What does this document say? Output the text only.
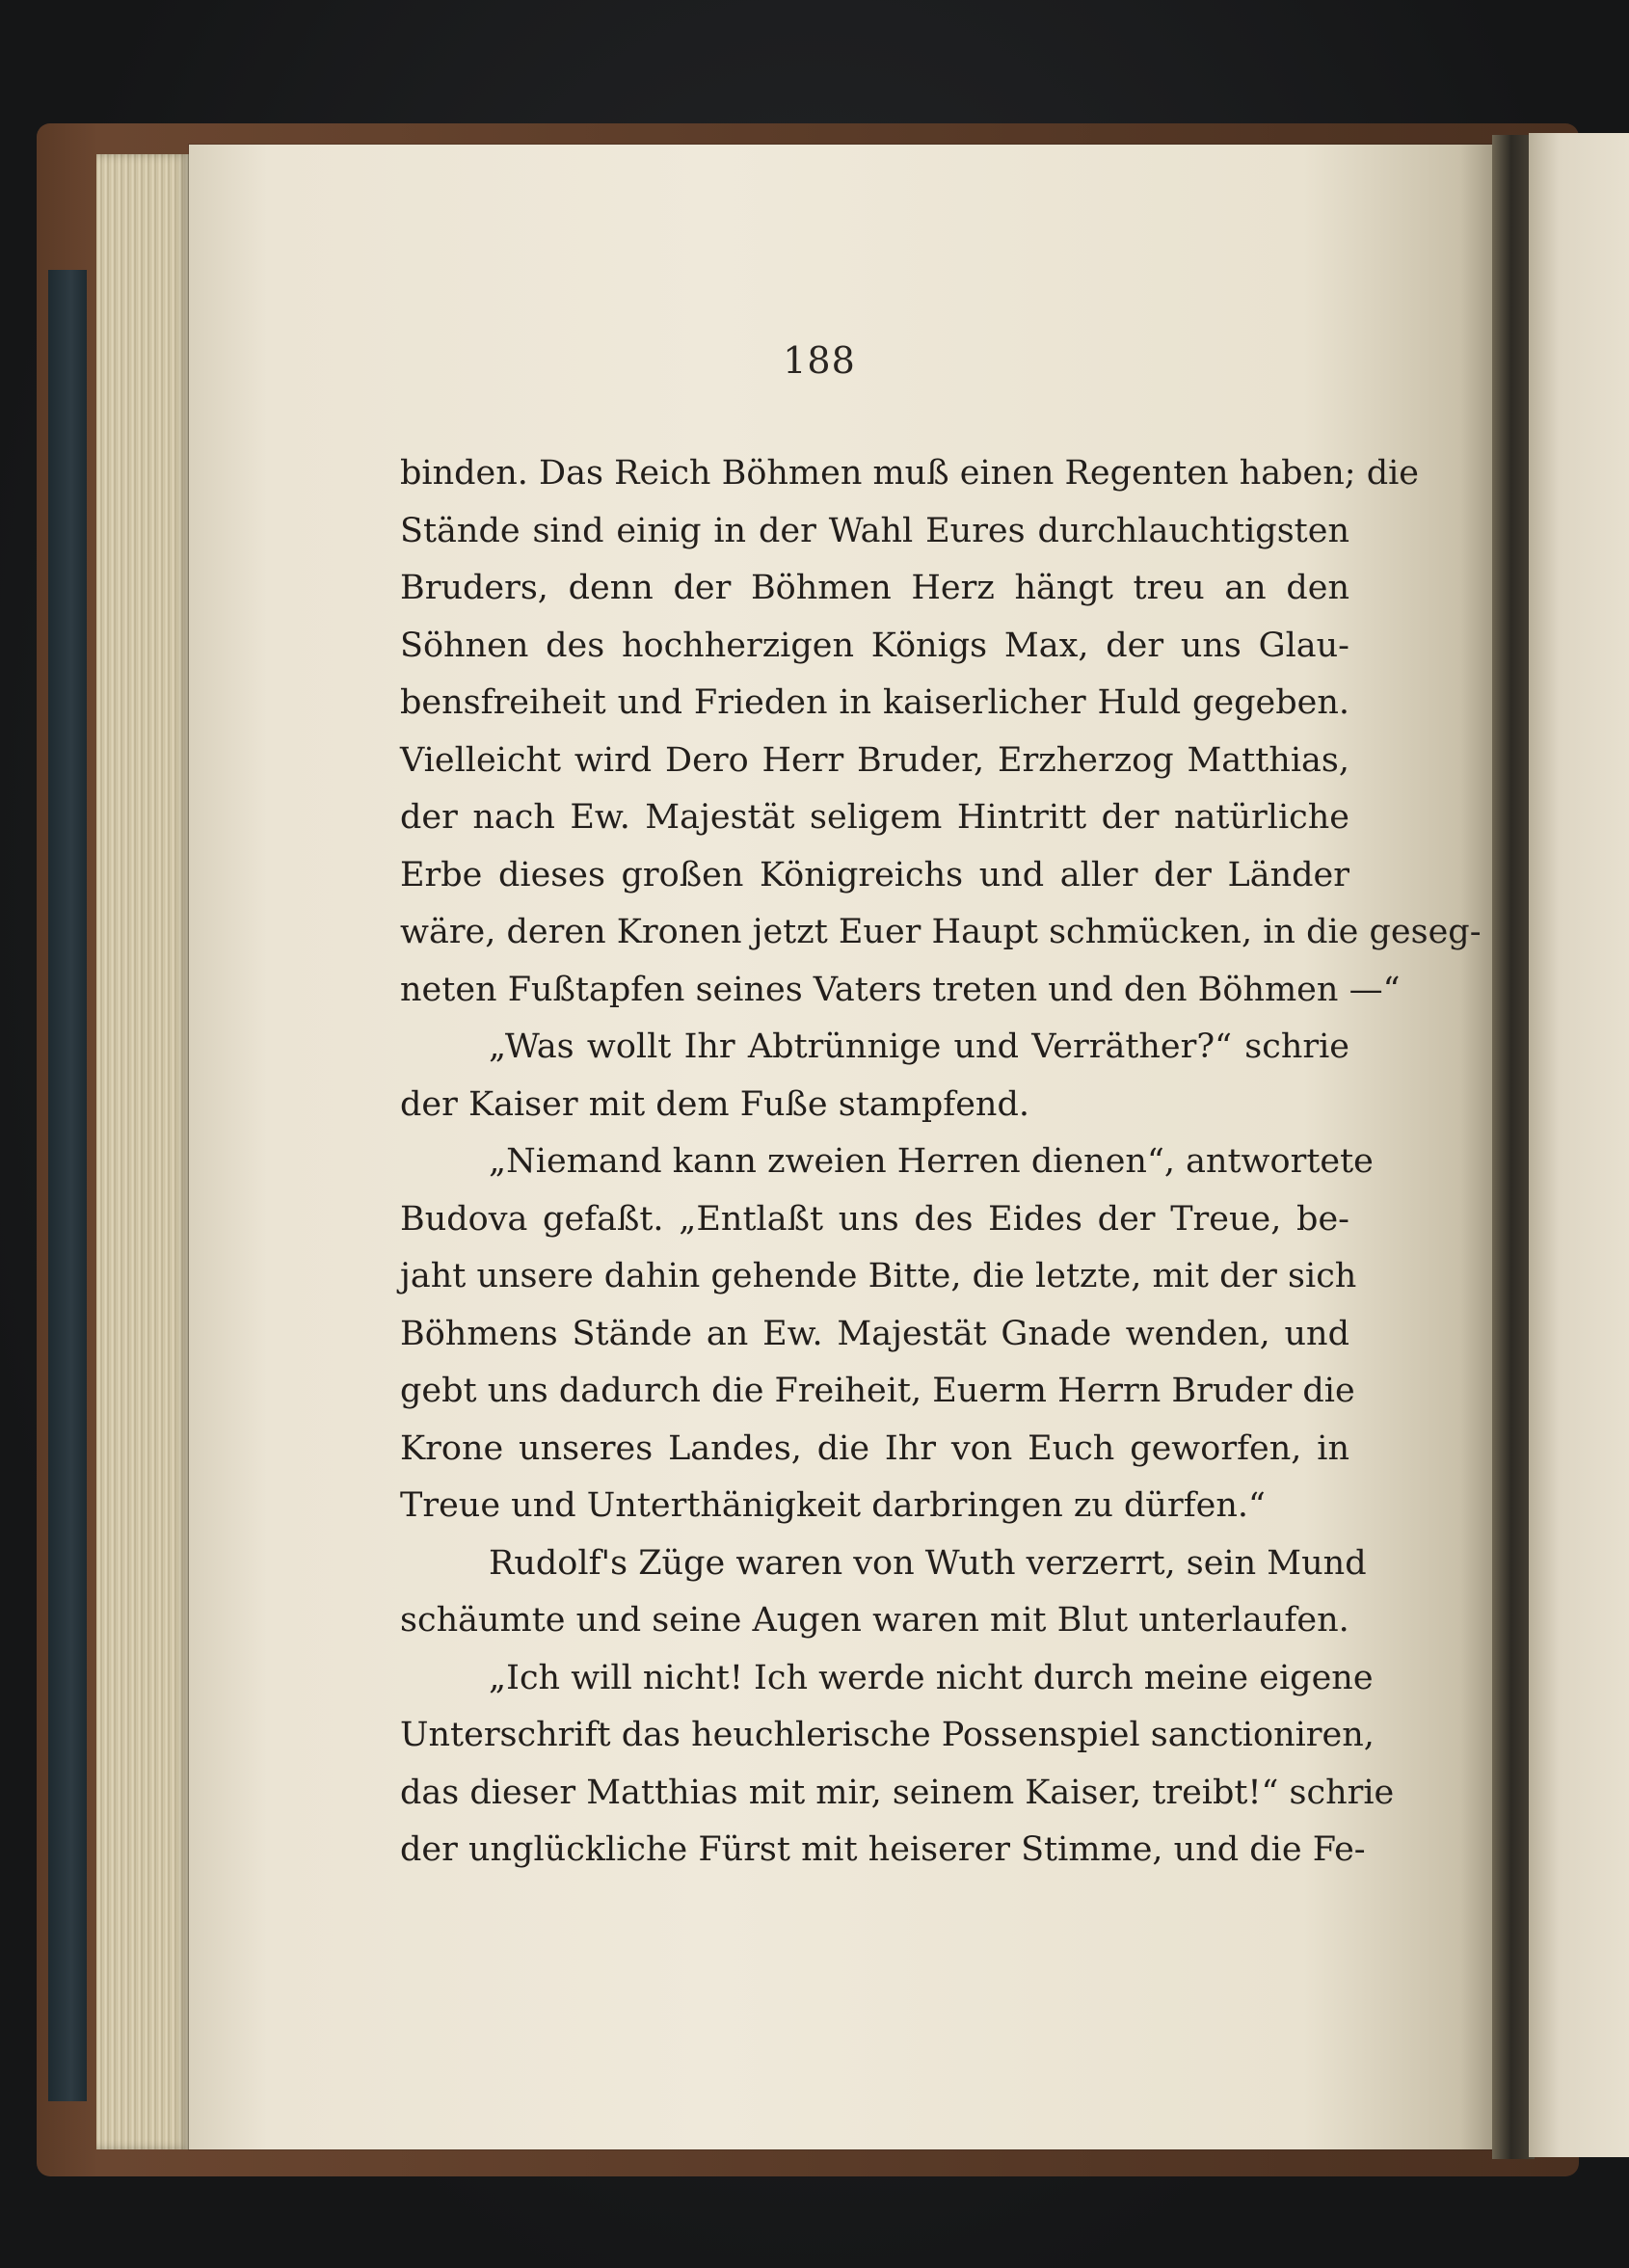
188
binden. Das Reich Böhmen muß einen Regenten haben; die
Stände sind einig in der Wahl Eures durchlauchtigsten
Bruders, denn der Böhmen Herz hängt treu an den
Söhnen des hochherzigen Königs Max, der uns Glau-
bensfreiheit und Frieden in kaiserlicher Huld gegeben.
Vielleicht wird Dero Herr Bruder, Erzherzog Matthias,
der nach Ew. Majestät seligem Hintritt der natürliche
Erbe dieses großen Königreichs und aller der Länder
wäre, deren Kronen jetzt Euer Haupt schmücken, in die geseg-
neten Fußtapfen seines Vaters treten und den Böhmen —“
„Was wollt Ihr Abtrünnige und Verräther?“ schrie
der Kaiser mit dem Fuße stampfend.
„Niemand kann zweien Herren dienen“, antwortete
Budova gefaßt. „Entlaßt uns des Eides der Treue, be-
jaht unsere dahin gehende Bitte, die letzte, mit der sich
Böhmens Stände an Ew. Majestät Gnade wenden, und
gebt uns dadurch die Freiheit, Euerm Herrn Bruder die
Krone unseres Landes, die Ihr von Euch geworfen, in
Treue und Unterthänigkeit darbringen zu dürfen.“
Rudolf's Züge waren von Wuth verzerrt, sein Mund
schäumte und seine Augen waren mit Blut unterlaufen.
„Ich will nicht! Ich werde nicht durch meine eigene
Unterschrift das heuchlerische Possenspiel sanctioniren,
das dieser Matthias mit mir, seinem Kaiser, treibt!“ schrie
der unglückliche Fürst mit heiserer Stimme, und die Fe-
